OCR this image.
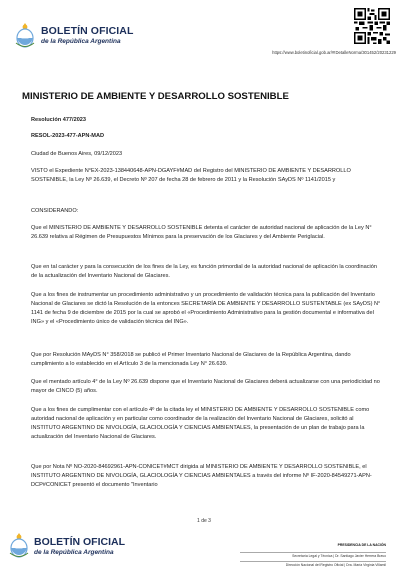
BOLETÍN OFICIAL
de la República Argentina
https://www.boletinoficial.gob.ar/#!DetalleNorma/301452/20231229
MINISTERIO DE AMBIENTE Y DESARROLLO SOSTENIBLE
Resolución 477/2023
RESOL-2023-477-APN-MAD

Ciudad de Buenos Aires, 09/12/2023

VISTO el Expediente N°EX-2023-138440648-APN-DGAYF#MAD del Registro del MINISTERIO DE AMBIENTE Y DESARROLLO SOSTENIBLE, la Ley Nº 26.639, el Decreto Nº 207 de fecha 28 de febrero de 2011 y la Resolución SAyDS Nº 1141/2015 y

CONSIDERANDO:

Que el MINISTERIO DE AMBIENTE Y DESARROLLO SOSTENIBLE detenta el carácter de autoridad nacional de aplicación de la Ley N° 26.639 relativa al Régimen de Presupuestos Mínimos para la preservación de los Glaciares y del Ambiente Periglacial.

Que en tal carácter y para la consecución de los fines de la Ley, es función primordial de la autoridad nacional de aplicación la coordinación de la actualización del Inventario Nacional de Glaciares.

Que a los fines de instrumentar un procedimiento administrativo y un procedimiento de validación técnica para la publicación del Inventario Nacional de Glaciares se dictó la Resolución de la entonces SECRETARÍA DE AMBIENTE Y DESARROLLO SUSTENTABLE (ex SAyDS) N° 1141 de fecha 9 de diciembre de 2015 por la cual se aprobó el «Procedimiento Administrativo para la gestión documental e informativa del ING» y el «Procedimiento único de validación técnica del ING».

Que por Resolución MAyDS N° 358/2018 se publicó el Primer Inventario Nacional de Glaciares de la República Argentina, dando cumplimiento a lo establecido en el Artículo 3 de la mencionada Ley N° 26.639.

Que el mentado artículo 4° de la Ley Nº 26.639 dispone que el Inventario Nacional de Glaciares deberá actualizarse con una periodicidad no mayor de CINCO (5) años.

Que a los fines de cumplimentar con el artículo 4º de la citada ley el MINISTERIO DE AMBIENTE Y DESARROLLO SOSTENIBLE como autoridad nacional de aplicación y en particular como coordinador de la realización del Inventario Nacional de Glaciares, solicitó al INSTITUTO ARGENTINO DE NIVOLOGÍA, GLACIOLOGÍA Y CIENCIAS AMBIENTALES, la presentación de un plan de trabajo para la actualización del Inventario Nacional de Glaciares.

Que por Nota Nº NO-2020-84692961-APN-CONICET#MCT dirigida al MINISTERIO DE AMBIENTE Y DESARROLLO SOSTENIBLE, el INSTITUTO ARGENTINO DE NIVOLOGÍA, GLACIOLOGÍA Y CIENCIAS AMBIENTALES a través del informe Nº IF-2020-84549271-APN-DCP#CONICET presentó el documento "Inventario

1 de 3
BOLETÍN OFICIAL
de la República Argentina
PRESIDENCIA DE LA NACIÓN
Secretaría Legal y Técnica | Dr. Santiago Javier Herrera Bravo
Dirección Nacional del Registro Oficial | Dra. María Virginia Villamil
